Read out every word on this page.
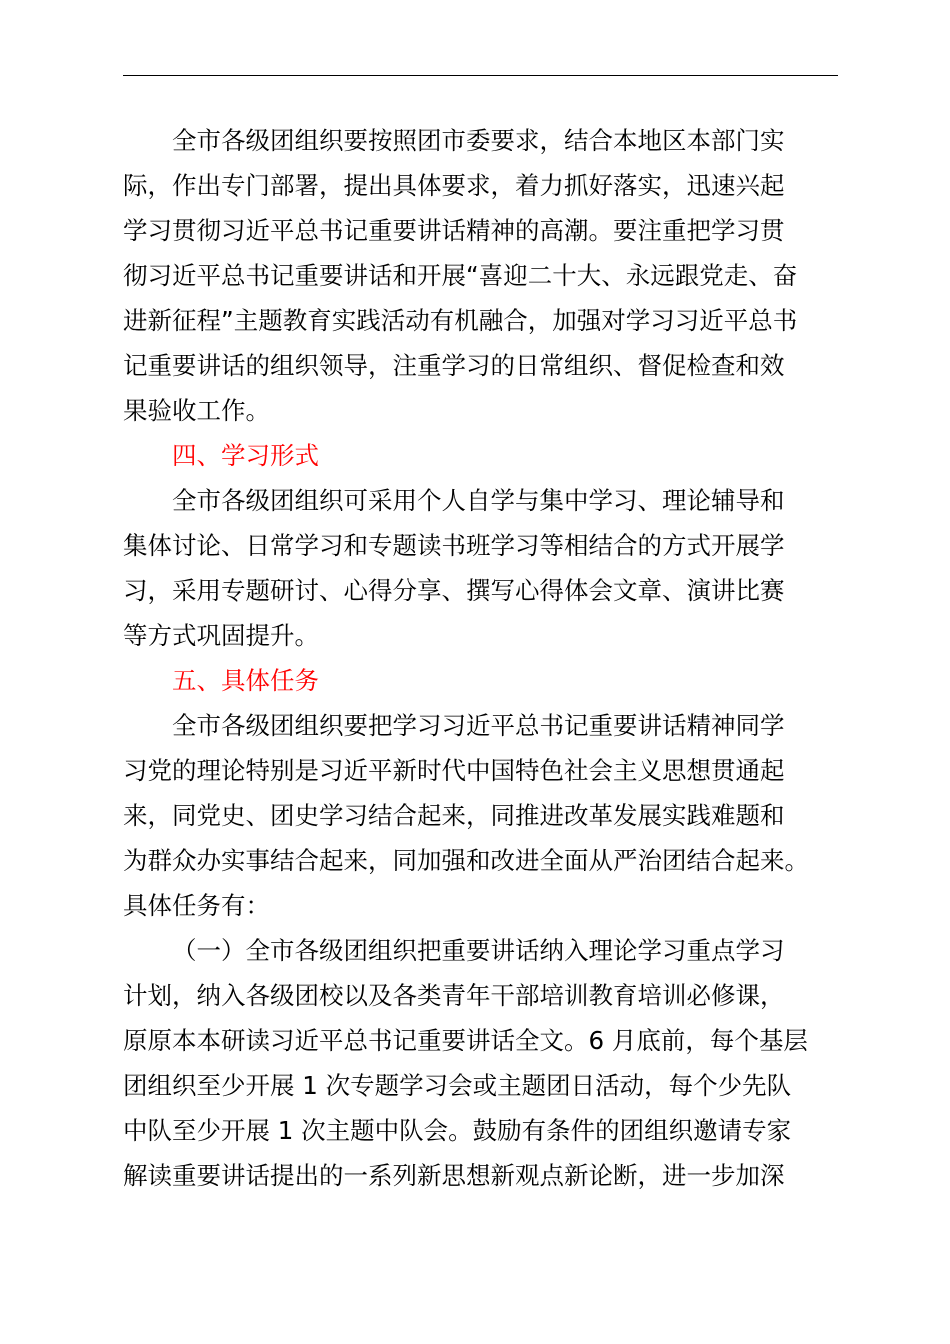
全市各级团组织要按照团市委要求，结合本地区本部门实
际，作出专门部署，提出具体要求，着力抓好落实，迅速兴起
学习贯彻习近平总书记重要讲话精神的高潮。要注重把学习贯
彻习近平总书记重要讲话和开展“喜迎二十大、永远跟党走、奋
进新征程”主题教育实践活动有机融合，加强对学习习近平总书
记重要讲话的组织领导，注重学习的日常组织、督促检查和效
果验收工作。
四、学习形式
全市各级团组织可采用个人自学与集中学习、理论辅导和
集体讨论、日常学习和专题读书班学习等相结合的方式开展学
习，采用专题研讨、心得分享、撰写心得体会文章、演讲比赛
等方式巩固提升。
五、具体任务
全市各级团组织要把学习习近平总书记重要讲话精神同学
习党的理论特别是习近平新时代中国特色社会主义思想贯通起
来，同党史、团史学习结合起来，同推进改革发展实践难题和
为群众办实事结合起来，同加强和改进全面从严治团结合起来。
具体任务有：
（一）全市各级团组织把重要讲话纳入理论学习重点学习
计划，纳入各级团校以及各类青年干部培训教育培训必修课，
原原本本研读习近平总书记重要讲话全文。6 月底前，每个基层
团组织至少开展 1 次专题学习会或主题团日活动，每个少先队
中队至少开展 1 次主题中队会。鼓励有条件的团组织邀请专家
解读重要讲话提出的一系列新思想新观点新论断，进一步加深
